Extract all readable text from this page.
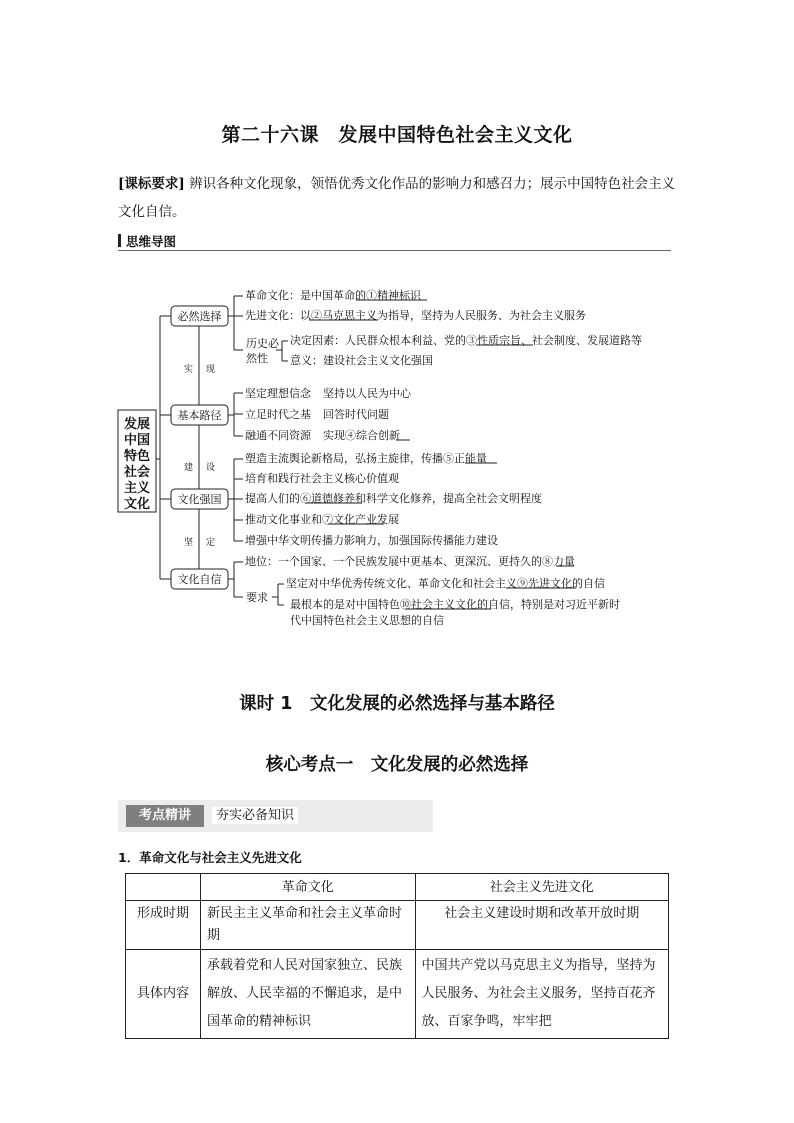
第二十六课　发展中国特色社会主义文化
[课标要求] 辨识各种文化现象，领悟优秀文化作品的影响力和感召力；展示中国特色社会主义文化自信。
思维导图
发展
中国
特色
社会
主义
文化
必然选择
基本路径
文化强国
文化自信
实 现
建 设
坚 定
革命文化：是中国革命的①精神标识
先进文化：以②马克思主义为指导，坚持为人民服务、为社会主义服务
历史必
然性
决定因素：人民群众根本利益、党的③性质宗旨、社会制度、发展道路等
意义：建设社会主义文化强国
坚定理想信念 坚持以人民为中心
立足时代之基 回答时代问题
融通不同资源 实现④综合创新
塑造主流舆论新格局，弘扬主旋律，传播⑤正能量
培育和践行社会主义核心价值观
提高人们的⑥道德修养和科学文化修养，提高全社会文明程度
推动文化事业和⑦文化产业发展
增强中华文明传播力影响力，加强国际传播能力建设
地位：一个国家、一个民族发展中更基本、更深沉、更持久的⑧力量
要求
坚定对中华优秀传统文化、革命文化和社会主义⑨先进文化的自信
最根本的是对中国特色⑩社会主义文化的自信，特别是对习近平新时
代中国特色社会主义思想的自信
课时 1　文化发展的必然选择与基本路径
核心考点一　文化发展的必然选择
考点精讲	夯实必备知识
1．革命文化与社会主义先进文化
	革命文化	社会主义先进文化
形成时期	新民主主义革命和社会主义革命时期	社会主义建设时期和改革开放时期
具体内容	承载着党和人民对国家独立、民族解放、人民幸福的不懈追求，是中国革命的精神标识	中国共产党以马克思主义为指导，坚持为人民服务、为社会主义服务，坚持百花齐放、百家争鸣，牢牢把
